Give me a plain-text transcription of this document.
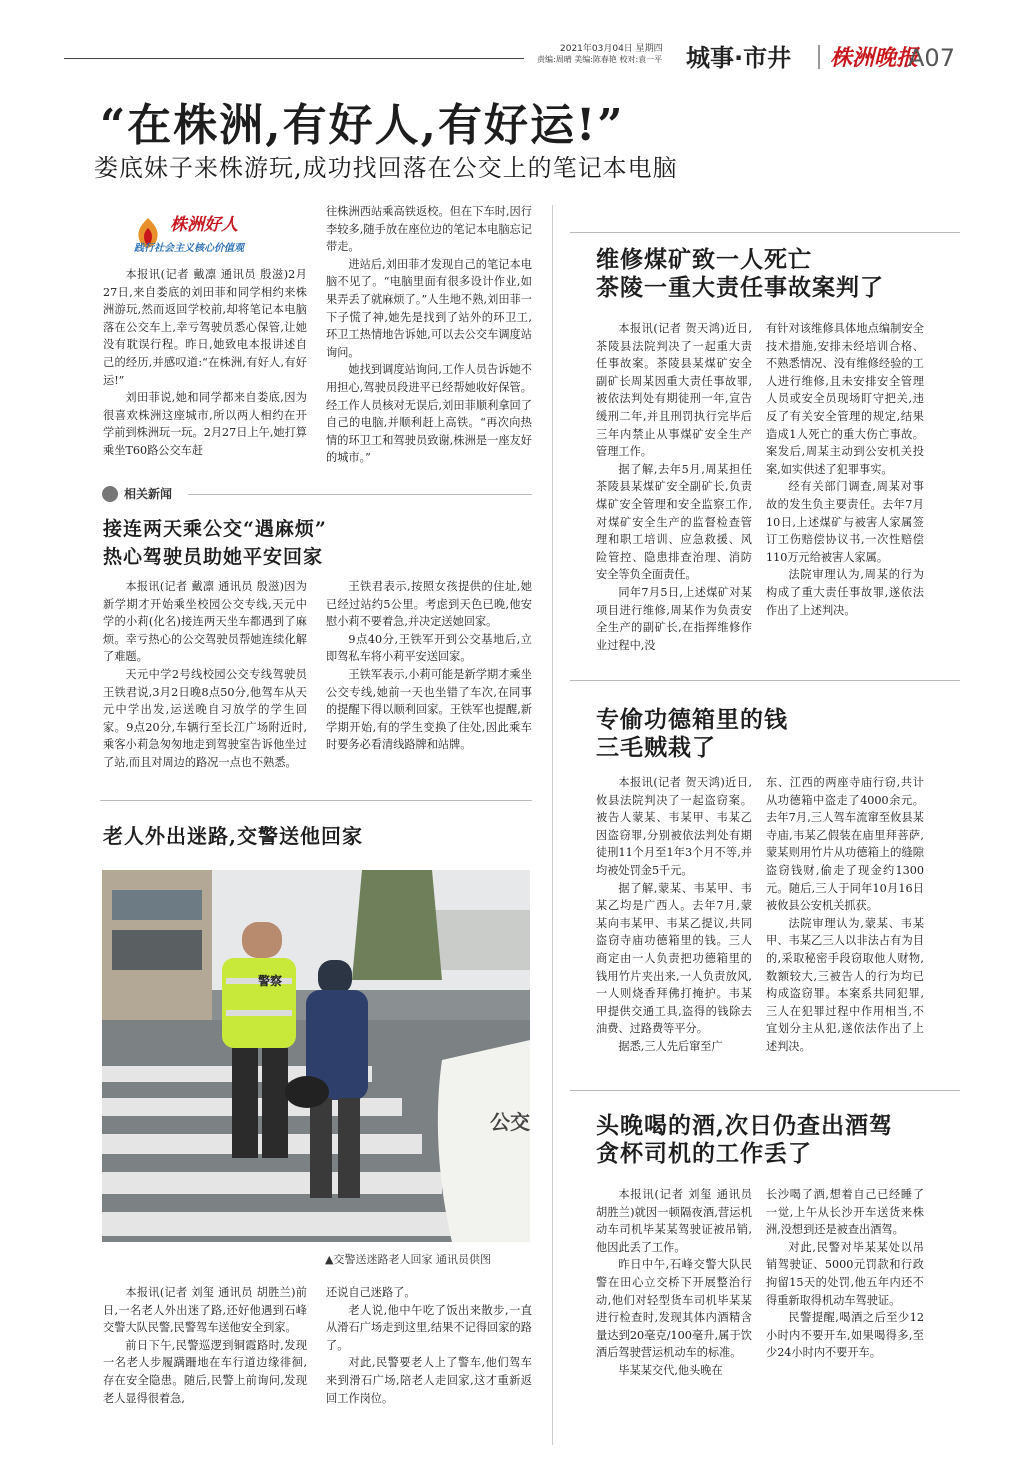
2021年03月04日 星期四
责编:周晴 美编:陈春艳 校对:袁一平 城事·市井 株洲晚报
A07
“在株洲,有好人,有好运!”
娄底妹子来株游玩,成功找回落在公交上的笔记本电脑
株洲好人
践行社会主义核心价值观

本报讯(记者 戴凛 通讯员 殷滋)2月27日,来自娄底的刘田菲和同学相约来株洲游玩,然而返回学校前,却将笔记本电脑落在公交车上,幸亏驾驶员悉心保管,让她没有耽误行程。昨日,她致电本报讲述自己的经历,并感叹道:“在株洲,有好人,有好运!”

刘田菲说,她和同学都来自娄底,因为很喜欢株洲这座城市,所以两人相约在开学前到株洲玩一玩。2月27日上午,她打算乘坐T60路公交车赶

往株洲西站乘高铁返校。但在下车时,因行李较多,随手放在座位边的笔记本电脑忘记带走。

进站后,刘田菲才发现自己的笔记本电脑不见了。“电脑里面有很多设计作业,如果弄丢了就麻烦了。”人生地不熟,刘田菲一下子慌了神,她先是找到了站外的环卫工,环卫工热情地告诉她,可以去公交车调度站询问。

她找到调度站询问,工作人员告诉她不用担心,驾驶员段进平已经帮她收好保管。经工作人员核对无误后,刘田菲顺利拿回了自己的电脑,并顺利赶上高铁。“再次向热情的环卫工和驾驶员致谢,株洲是一座友好的城市。”

相关新闻
接连两天乘公交“遇麻烦”
热心驾驶员助她平安回家

本报讯(记者 戴凛 通讯员 殷滋)因为新学期才开始乘坐校园公交专线,天元中学的小莉(化名)接连两天坐车都遇到了麻烦。幸亏热心的公交驾驶员帮她连续化解了难题。

天元中学2号线校园公交专线驾驶员王铁君说,3月2日晚8点50分,他驾车从天元中学出发,运送晚自习放学的学生回家。9点20分,车辆行至长江广场附近时,乘客小莉急匆匆地走到驾驶室告诉他坐过了站,而且对周边的路况一点也不熟悉。

王铁君表示,按照女孩提供的住址,她已经过站约5公里。考虑到天色已晚,他安慰小莉不要着急,并决定送她回家。

9点40分,王铁军开到公交基地后,立即驾私车将小莉平安送回家。

王铁军表示,小莉可能是新学期才乘坐公交专线,她前一天也坐错了车次,在同事的提醒下得以顺利回家。王铁军也提醒,新学期开始,有的学生变换了住处,因此乘车时要务必看清线路牌和站牌。

老人外出迷路,交警送他回家
警察
公交
▲交警送迷路老人回家 通讯员供图

本报讯(记者 刘玺 通讯员 胡胜兰)前日,一名老人外出迷了路,还好他遇到石峰交警大队民警,民警驾车送他安全到家。

前日下午,民警巡逻到铜霞路时,发现一名老人步履蹒跚地在车行道边缘徘徊,存在安全隐患。随后,民警上前询问,发现老人显得很着急,

还说自己迷路了。

老人说,他中午吃了饭出来散步,一直从滑石广场走到这里,结果不记得回家的路了。

对此,民警要老人上了警车,他们驾车来到滑石广场,陪老人走回家,这才重新返回工作岗位。

维修煤矿致一人死亡
茶陵一重大责任事故案判了

本报讯(记者 贺天鸿)近日,茶陵县法院判决了一起重大责任事故案。茶陵县某煤矿安全副矿长周某因重大责任事故罪,被依法判处有期徒刑一年,宣告缓刑二年,并且刑罚执行完毕后三年内禁止从事煤矿安全生产管理工作。

据了解,去年5月,周某担任茶陵县某煤矿安全副矿长,负责煤矿安全管理和安全监察工作,对煤矿安全生产的监督检查管理和职工培训、应急救援、风险管控、隐患排查治理、消防安全等负全面责任。

同年7月5日,上述煤矿对某项目进行维修,周某作为负责安全生产的副矿长,在指挥维修作业过程中,没

有针对该维修具体地点编制安全技术措施,安排未经培训合格、不熟悉情况、没有维修经验的工人进行维修,且未安排安全管理人员或安全员现场盯守把关,违反了有关安全管理的规定,结果造成1人死亡的重大伤亡事故。案发后,周某主动到公安机关投案,如实供述了犯罪事实。

经有关部门调查,周某对事故的发生负主要责任。去年7月10日,上述煤矿与被害人家属签订工伤赔偿协议书,一次性赔偿110万元给被害人家属。

法院审理认为,周某的行为构成了重大责任事故罪,遂依法作出了上述判决。

专偷功德箱里的钱
三毛贼栽了

本报讯(记者 贺天鸿)近日,攸县法院判决了一起盗窃案。被告人蒙某、韦某甲、韦某乙因盗窃罪,分别被依法判处有期徒刑11个月至1年3个月不等,并均被处罚金5千元。

据了解,蒙某、韦某甲、韦某乙均是广西人。去年7月,蒙某向韦某甲、韦某乙提议,共同盗窃寺庙功德箱里的钱。三人商定由一人负责把功德箱里的钱用竹片夹出来,一人负责放风,一人则烧香拜佛打掩护。韦某甲提供交通工具,盗得的钱除去油费、过路费等平分。

据悉,三人先后窜至广

东、江西的两座寺庙行窃,共计从功德箱中盗走了4000余元。去年7月,三人驾车流窜至攸县某寺庙,韦某乙假装在庙里拜菩萨,蒙某则用竹片从功德箱上的缝隙盗窃钱财,偷走了现金约1300元。随后,三人于同年10月16日被攸县公安机关抓获。

法院审理认为,蒙某、韦某甲、韦某乙三人以非法占有为目的,采取秘密手段窃取他人财物,数额较大,三被告人的行为均已构成盗窃罪。本案系共同犯罪,三人在犯罪过程中作用相当,不宜划分主从犯,遂依法作出了上述判决。

头晚喝的酒,次日仍查出酒驾
贪杯司机的工作丢了

本报讯(记者 刘玺 通讯员 胡胜兰)就因一顿隔夜酒,营运机动车司机毕某某驾驶证被吊销,他因此丢了工作。

昨日中午,石峰交警大队民警在田心立交桥下开展整治行动,他们对轻型货车司机毕某某进行检查时,发现其体内酒精含量达到20毫克/100毫升,属于饮酒后驾驶营运机动车的标准。

毕某某交代,他头晚在

长沙喝了酒,想着自己已经睡了一觉,上午从长沙开车送货来株洲,没想到还是被查出酒驾。

对此,民警对毕某某处以吊销驾驶证、5000元罚款和行政拘留15天的处罚,他五年内还不得重新取得机动车驾驶证。

民警提醒,喝酒之后至少12小时内不要开车,如果喝得多,至少24小时内不要开车。
